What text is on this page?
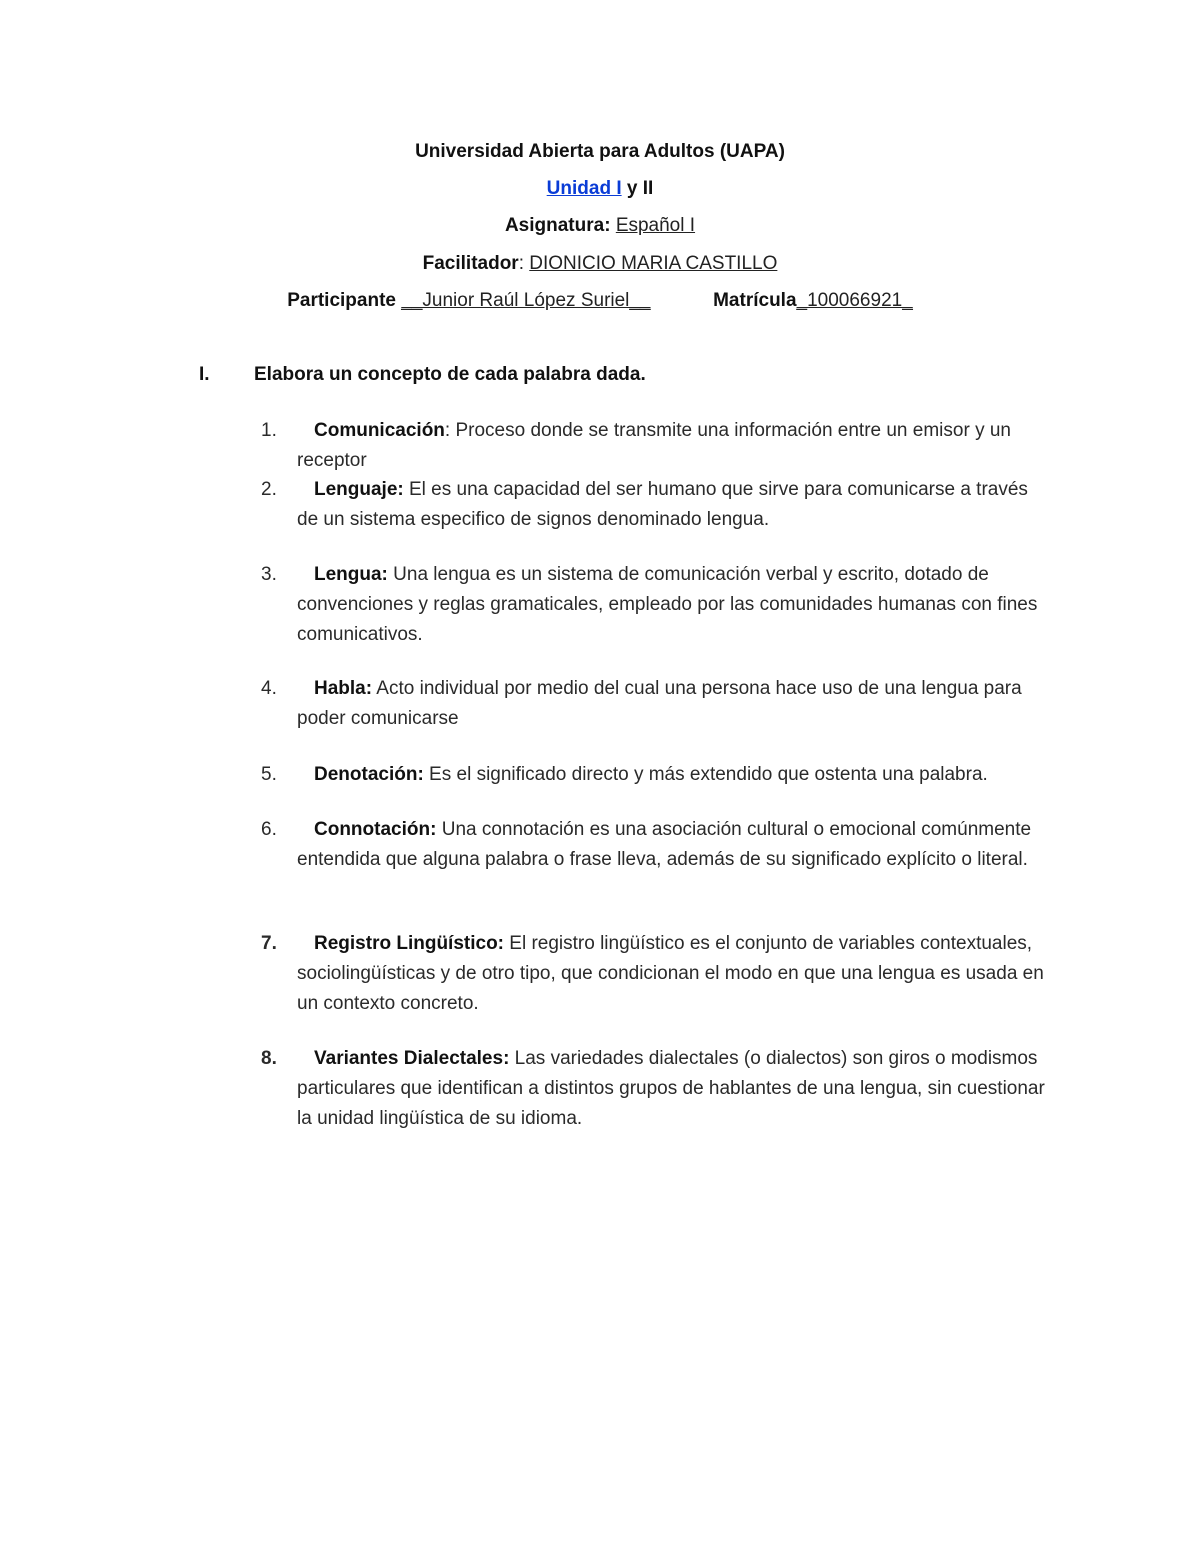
Universidad Abierta para Adultos (UAPA)
Unidad I y II
Asignatura: Español I
Facilitador: DIONICIO MARIA CASTILLO
Participante __Junior Raúl López Suriel__	Matrícula_100066921_
I. Elabora un concepto de cada palabra dada.
1.	Comunicación: Proceso donde se transmite una información entre un emisor y un receptor
2.	Lenguaje: El es una capacidad del ser humano que sirve para comunicarse a través de un sistema especifico de signos denominado lengua.
3.	Lengua: Una lengua es un sistema de comunicación verbal y escrito, dotado de convenciones y reglas gramaticales, empleado por las comunidades humanas con fines comunicativos.
4.	Habla: Acto individual por medio del cual una persona hace uso de una lengua para poder comunicarse
5.	Denotación: Es el significado directo y más extendido que ostenta una palabra.
6.	Connotación: Una connotación es una asociación cultural o emocional comúnmente entendida que alguna palabra o frase lleva, además de su significado explícito o literal.
7.	Registro Lingüístico: El registro lingüístico es el conjunto de variables contextuales, sociolingüísticas y de otro tipo, que condicionan el modo en que una lengua es usada en un contexto concreto.
8.	Variantes Dialectales: Las variedades dialectales (o dialectos) son giros o modismos particulares que identifican a distintos grupos de hablantes de una lengua, sin cuestionar la unidad lingüística de su idioma.
